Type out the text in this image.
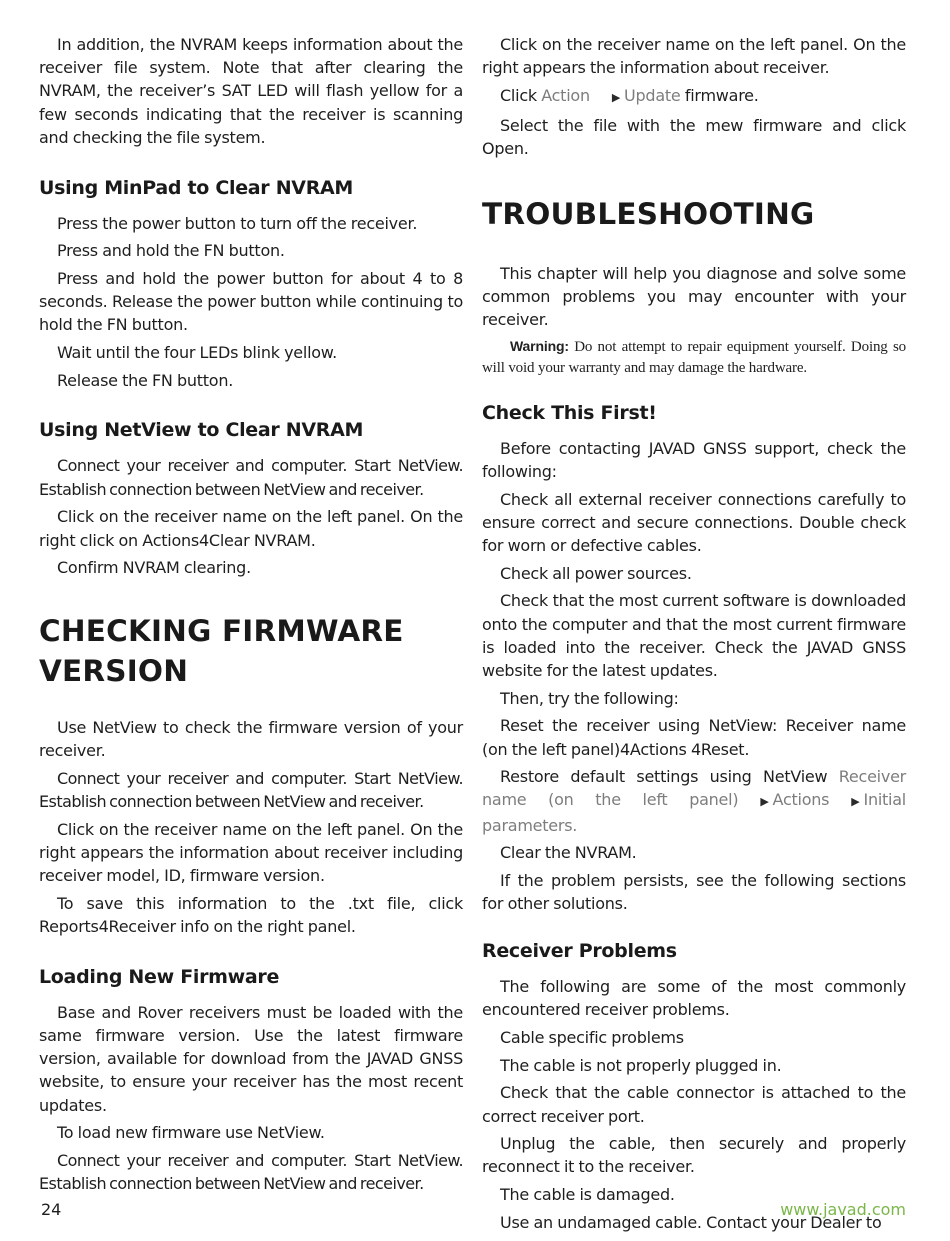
In addition, the NVRAM keeps information about the receiver file system. Note that after clearing the NVRAM, the receiver’s SAT LED will flash yellow for a few seconds indicating that the receiver is scanning and checking the file system.

Using MinPad to Clear NVRAM

Press the power button to turn off the receiver.

Press and hold the FN button.

Press and hold the power button for about 4 to 8 seconds. Release the power button while continuing to hold the FN button.

Wait until the four LEDs blink yellow.

Release the FN button.

Using NetView to Clear NVRAM

Connect your receiver and computer. Start NetView. Establish connection between NetView and receiver.

Click on the receiver name on the left panel. On the right click on Actions4Clear NVRAM.

Confirm NVRAM clearing.

CHECKING FIRMWARE
VERSION

Use NetView to check the firmware version of your receiver.

Connect your receiver and computer. Start NetView. Establish connection between NetView and receiver.

Click on the receiver name on the left panel. On the right appears the information about receiver including receiver model, ID, firmware version.

To save this information to the .txt file, click Reports4Receiver info on the right panel.

Loading New Firmware

Base and Rover receivers must be loaded with the same firmware version. Use the latest firmware version, available for download from the JAVAD GNSS website, to ensure your receiver has the most recent updates.

To load new firmware use NetView.

Connect your receiver and computer. Start NetView. Establish connection between NetView and receiver.

Click on the receiver name on the left panel. On the right appears the information about receiver.

Click Action ▶ Update firmware.

Select the file with the mew firmware and click Open.

TROUBLESHOOTING

This chapter will help you diagnose and solve some common problems you may encounter with your receiver.

Warning: Do not attempt to repair equipment yourself. Doing so will void your warranty and may damage the hardware.
Check This First!

Before contacting JAVAD GNSS support, check the following:

Check all external receiver connections carefully to ensure correct and secure connections. Double check for worn or defective cables.

Check all power sources.

Check that the most current software is downloaded onto the computer and that the most current firmware is loaded into the receiver. Check the JAVAD GNSS website for the latest updates.

Then, try the following:

Reset the receiver using NetView: Receiver name (on the left panel)4Actions 4Reset.

Restore default settings using NetView Receiver name (on the left panel) ▶ Actions ▶ Initial parameters.

Clear the NVRAM.

If the problem persists, see the following sections for other solutions.

Receiver Problems

The following are some of the most commonly encountered receiver problems.

Cable specific problems

The cable is not properly plugged in.

Check that the cable connector is attached to the correct receiver port.

Unplug the cable, then securely and properly reconnect it to the receiver.

The cable is damaged.

Use an undamaged cable. Contact your Dealer to

24	www.javad.com
